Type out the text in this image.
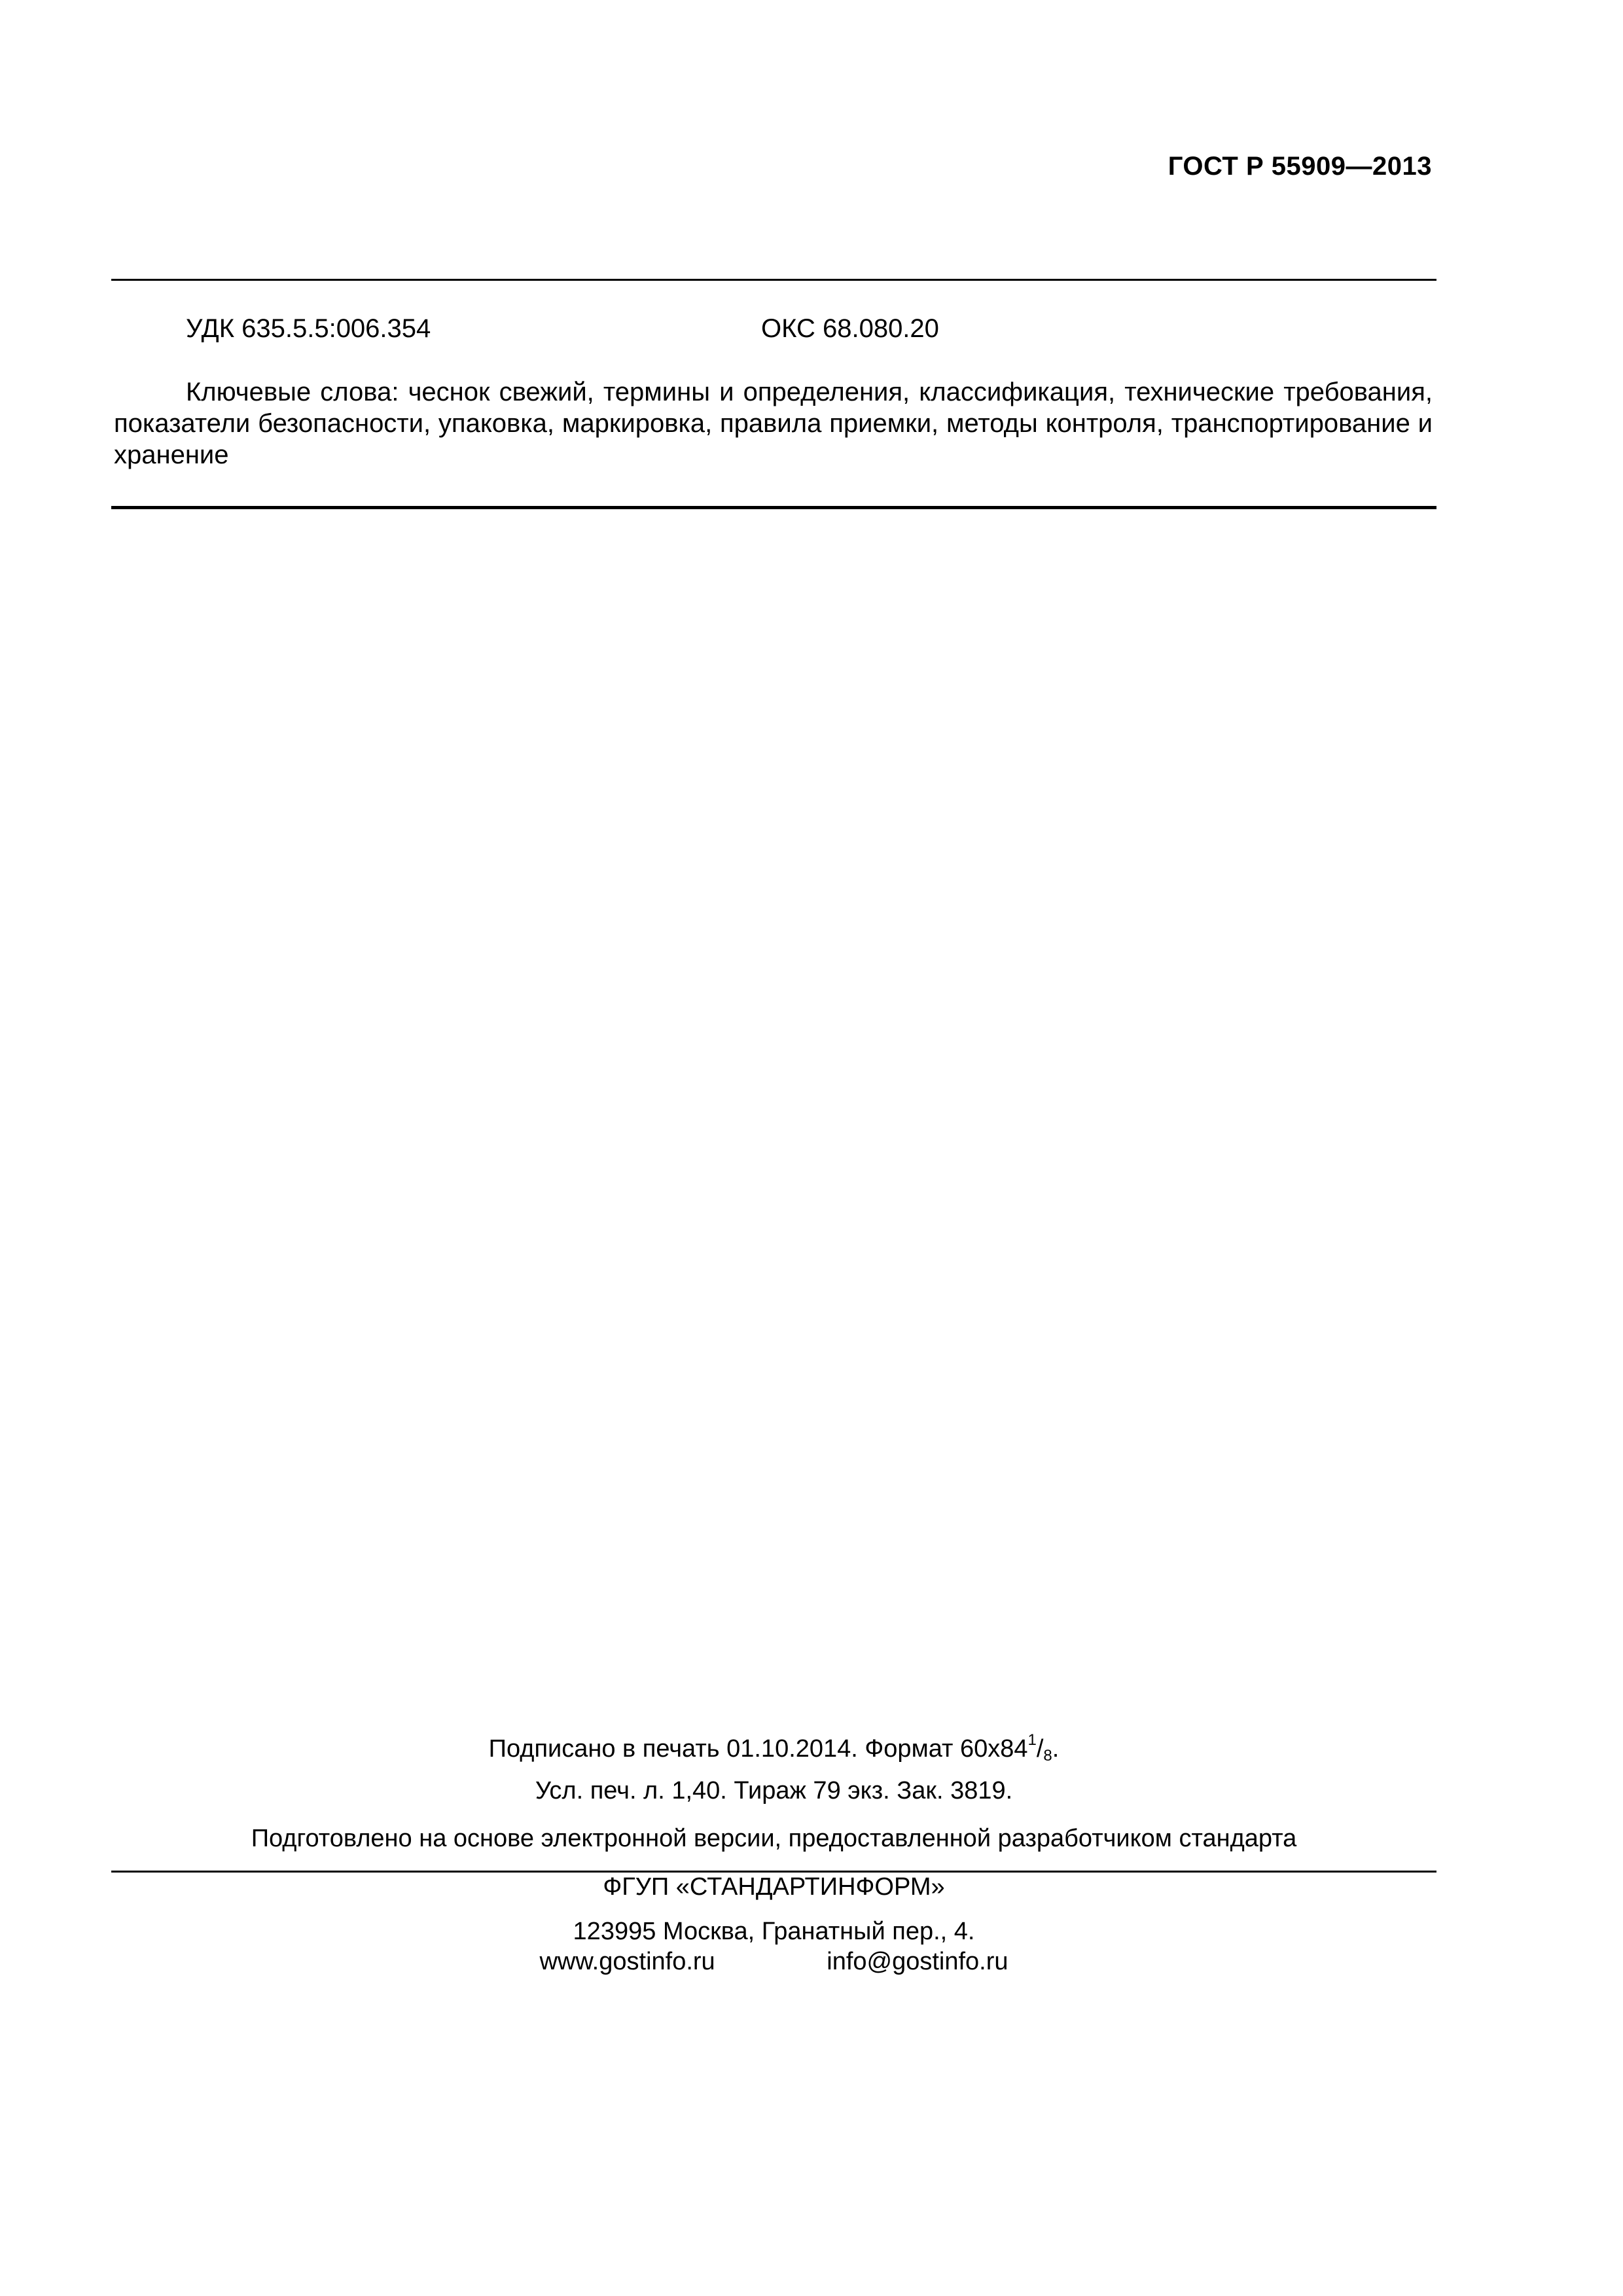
ГОСТ Р 55909—2013
УДК 635.5.5:006.354	ОКС 68.080.20

Ключевые слова: чеснок свежий, термины и определения, классификация, технические требования, показатели безопасности, упаковка, маркировка, правила приемки, методы контроля, транспортирование и хранение

Подписано в печать 01.10.2014. Формат $60x84^1/_8$.
Усл. печ. л. 1,40. Тираж 79 экз. Зак. 3819.
Подготовлено на основе электронной версии, предоставленной разработчиком стандарта
ФГУП «СТАНДАРТИНФОРМ»
123995 Москва, Гранатный пер., 4.
www.gostinfo.ru	info@gostinfo.ru
